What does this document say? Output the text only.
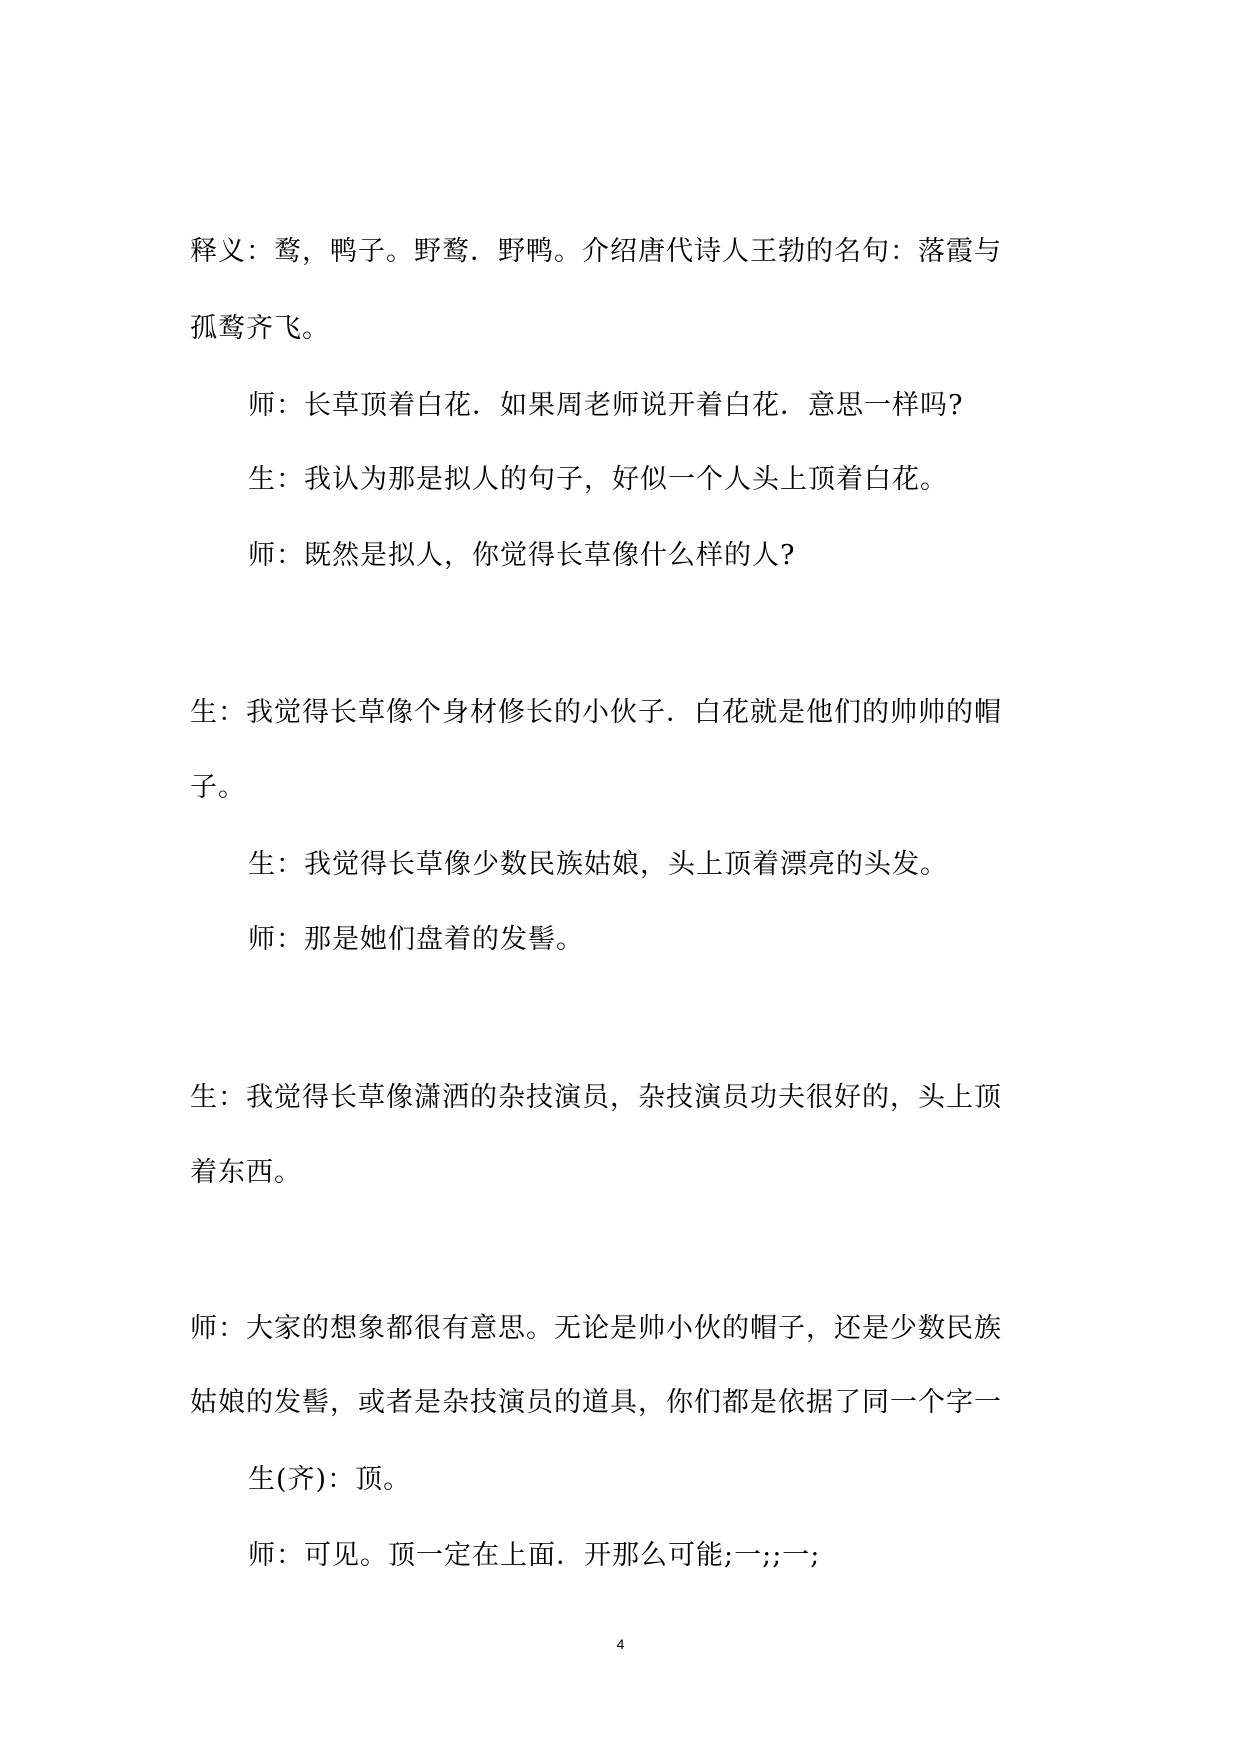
释义：鹜，鸭子。野鹜．野鸭。介绍唐代诗人王勃的名句：落霞与
孤鹜齐飞。
师：长草顶着白花．如果周老师说开着白花．意思一样吗?
生：我认为那是拟人的句子，好似一个人头上顶着白花。
师：既然是拟人，你觉得长草像什么样的人?
生：我觉得长草像个身材修长的小伙子．白花就是他们的帅帅的帽
子。
生：我觉得长草像少数民族姑娘，头上顶着漂亮的头发。
师：那是她们盘着的发髻。
生：我觉得长草像潇洒的杂技演员，杂技演员功夫很好的，头上顶
着东西。
师：大家的想象都很有意思。无论是帅小伙的帽子，还是少数民族
姑娘的发髻，或者是杂技演员的道具，你们都是依据了同一个字一
生(齐)：顶。
师：可见。顶一定在上面．开那么可能;一;;一;
4
